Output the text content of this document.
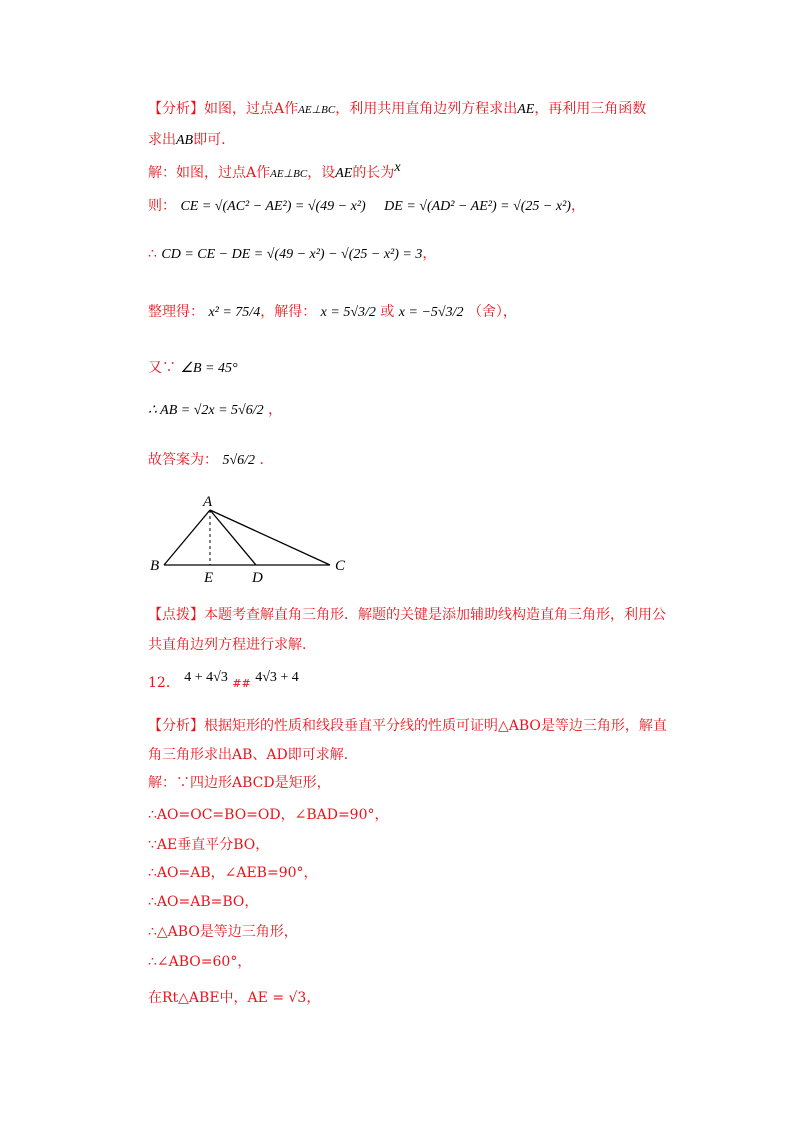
【分析】如图，过点A作AE⊥BC，利用共用直角边列方程求出AE，再利用三角函数
求出AB即可.
解：如图，过点A作AE⊥BC，设AE的长为x
则： CE = √(AC² − AE²) = √(49 − x²) DE = √(AD² − AE²) = √(25 − x²)，
∴ CD = CE − DE = √(49 − x²) − √(25 − x²) = 3，
整理得： x² = 75/4，解得： x = 5√3/2 或 x = −5√3/2 （舍），
又∵ ∠B = 45°
∴ AB = √2x = 5√6/2 ，
故答案为： 5√6/2 .
A
B
E	D
C
【点拨】本题考查解直角三角形．解题的关键是添加辅助线构造直角三角形，利用公
共直角边列方程进行求解.
12． 4 + 4√3 ## 4√3 + 4
【分析】根据矩形的性质和线段垂直平分线的性质可证明△ABO是等边三角形，解直
角三角形求出AB、AD即可求解.
解：∵四边形ABCD是矩形，
∴AO=OC=BO=OD，∠BAD=90°，
∵AE垂直平分BO，
∴AO=AB，∠AEB=90°，
∴AO=AB=BO，
∴△ABO是等边三角形，
∴∠ABO=60°，
在Rt△ABE中，AE = √3，
